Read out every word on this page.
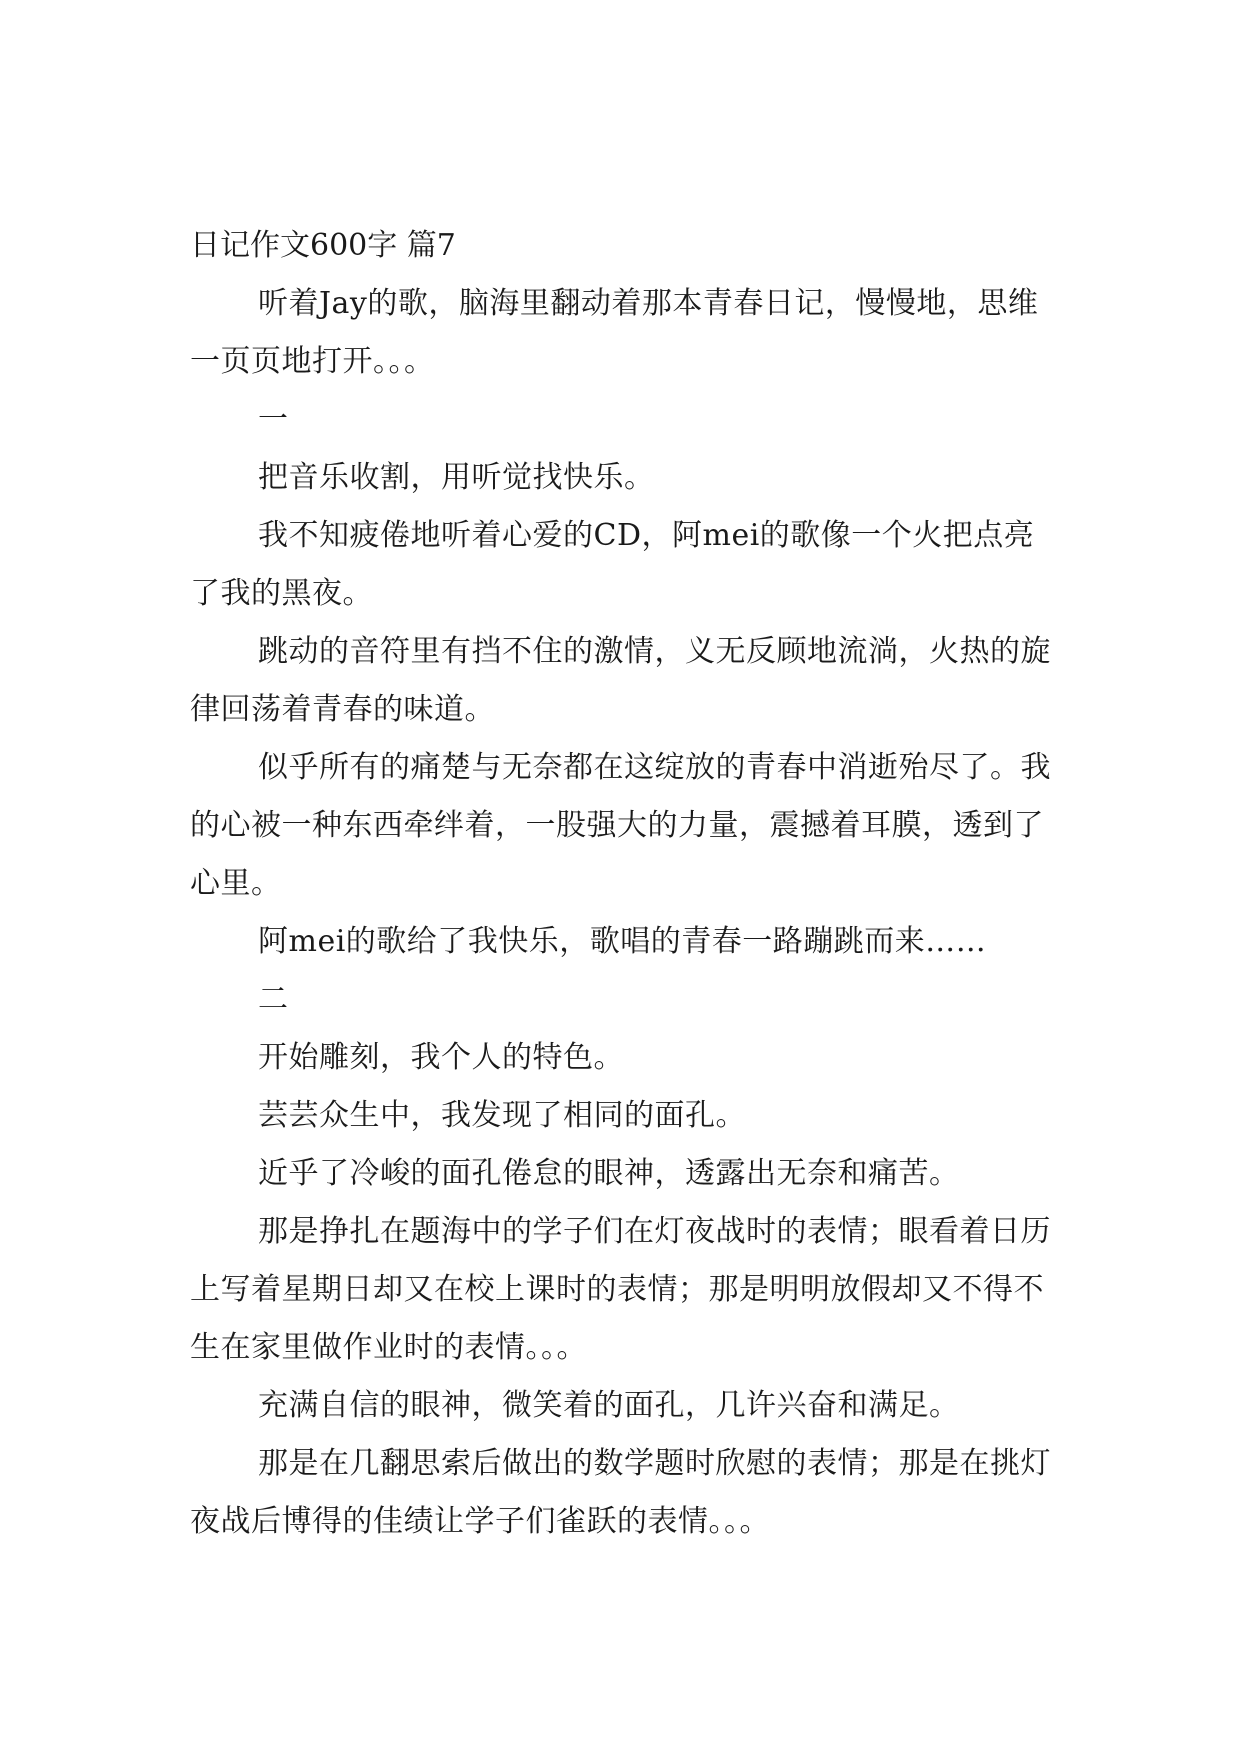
日记作文600字 篇7

听着Jay的歌，脑海里翻动着那本青春日记，慢慢地，思维一页页地打开。。。

一

把音乐收割，用听觉找快乐。

我不知疲倦地听着心爱的CD，阿mei的歌像一个火把点亮了我的黑夜。

跳动的音符里有挡不住的激情，义无反顾地流淌，火热的旋律回荡着青春的味道。

似乎所有的痛楚与无奈都在这绽放的青春中消逝殆尽了。我的心被一种东西牵绊着，一股强大的力量，震撼着耳膜，透到了心里。

阿mei的歌给了我快乐，歌唱的青春一路蹦跳而来……

二

开始雕刻，我个人的特色。

芸芸众生中，我发现了相同的面孔。

近乎了冷峻的面孔倦怠的眼神，透露出无奈和痛苦。

那是挣扎在题海中的学子们在灯夜战时的表情；眼看着日历上写着星期日却又在校上课时的表情；那是明明放假却又不得不生在家里做作业时的表情。。。

充满自信的眼神，微笑着的面孔，几许兴奋和满足。

那是在几翻思索后做出的数学题时欣慰的表情；那是在挑灯夜战后博得的佳绩让学子们雀跃的表情。。。
